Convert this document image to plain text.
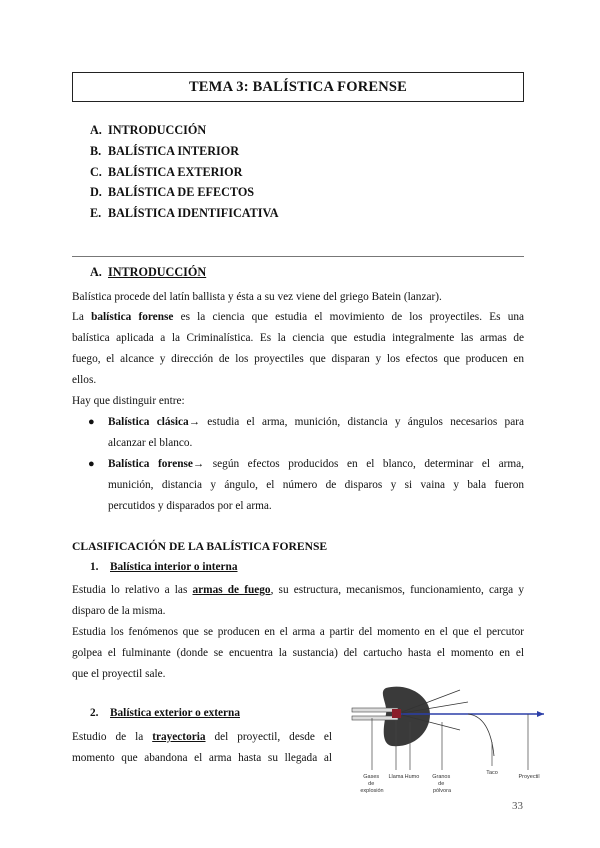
TEMA 3: BALÍSTICA FORENSE
A. INTRODUCCIÓN
B. BALÍSTICA INTERIOR
C. BALÍSTICA EXTERIOR
D. BALÍSTICA DE EFECTOS
E. BALÍSTICA IDENTIFICATIVA
A. INTRODUCCIÓN

Balística procede del latín ballista y ésta a su vez viene del griego Batein (lanzar).

La balística forense es la ciencia que estudia el movimiento de los proyectiles. Es una
balística aplicada a la Criminalística. Es la ciencia que estudia integralmente las armas de
fuego, el alcance y dirección de los proyectiles que disparan y los efectos que producen en
ellos.

Hay que distinguir entre:

● Balística clásica→ estudia el arma, munición, distancia y ángulos necesarios para
alcanzar el blanco.
● Balística forense→ según efectos producidos en el blanco, determinar el arma,
munición, distancia y ángulo, el número de disparos y si vaina y bala fueron
percutidos y disparados por el arma.
CLASIFICACIÓN DE LA BALÍSTICA FORENSE
1. Balística interior o interna
Estudia lo relativo a las armas de fuego, su estructura, mecanismos, funcionamiento, carga y
disparo de la misma.
Estudia los fenómenos que se producen en el arma a partir del momento en el que el percutor
golpea el fulminante (donde se encuentra la sustancia) del cartucho hasta el momento en el
que el proyectil sale.
2. Balística exterior o externa
Estudio de la trayectoria del proyectil, desde el
momento que abandona el arma hasta su llegada al
Gases de explosión
Llama Humo Granos de pólvora
Taco
Proyectil
33
